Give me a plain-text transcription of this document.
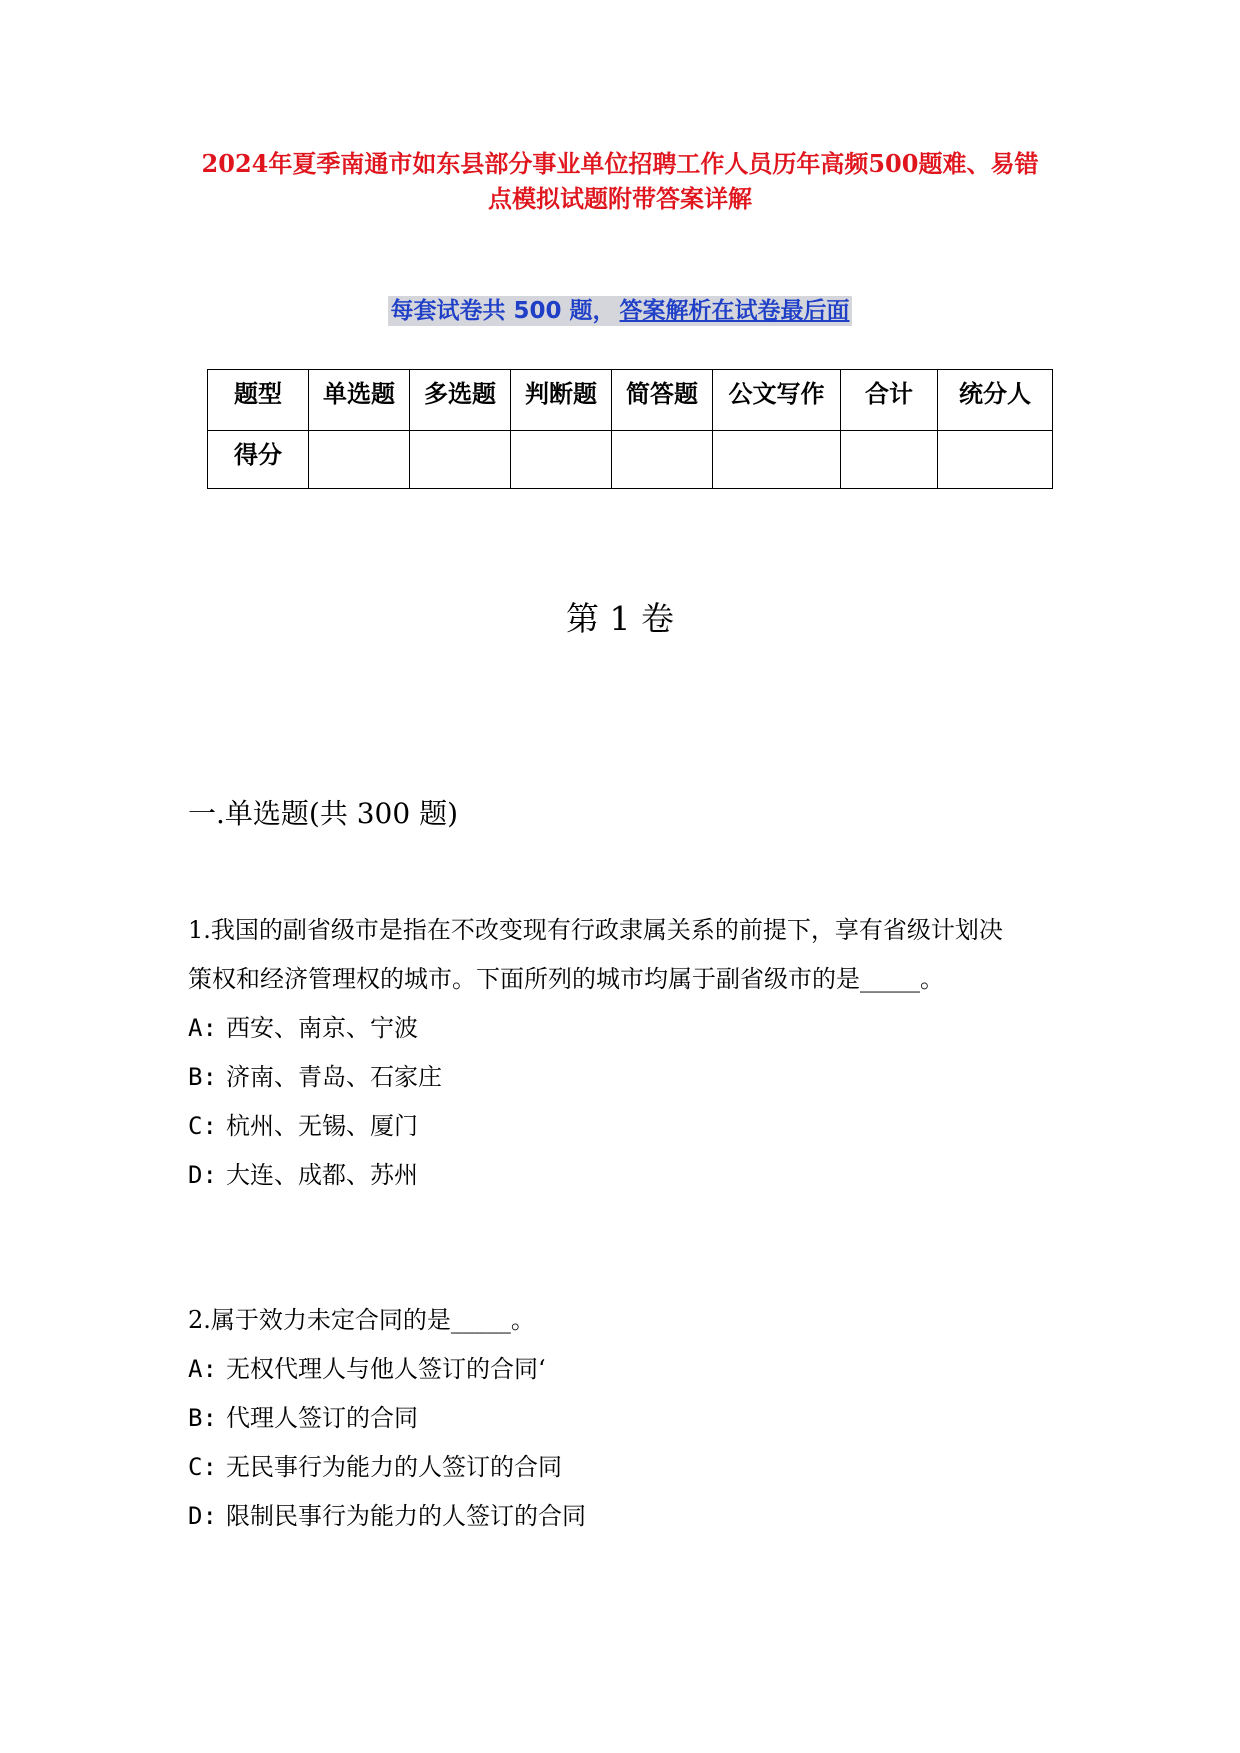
2024年夏季南通市如东县部分事业单位招聘工作人员历年高频500题难、易错
点模拟试题附带答案详解
每套试卷共 500 题， 答案解析在试卷最后面
题型	单选题	多选题	判断题	简答题	公文写作	合计	统分人
得分							
第 1 卷
一.单选题(共 300 题)

1.我国的副省级市是指在不改变现有行政隶属关系的前提下，享有省级计划决

策权和经济管理权的城市。下面所列的城市均属于副省级市的是_____。

A: 西安、南京、宁波
B: 济南、青岛、石家庄
C: 杭州、无锡、厦门
D: 大连、成都、苏州

2.属于效力未定合同的是_____。

A: 无权代理人与他人签订的合同‘
B: 代理人签订的合同
C: 无民事行为能力的人签订的合同
D: 限制民事行为能力的人签订的合同
